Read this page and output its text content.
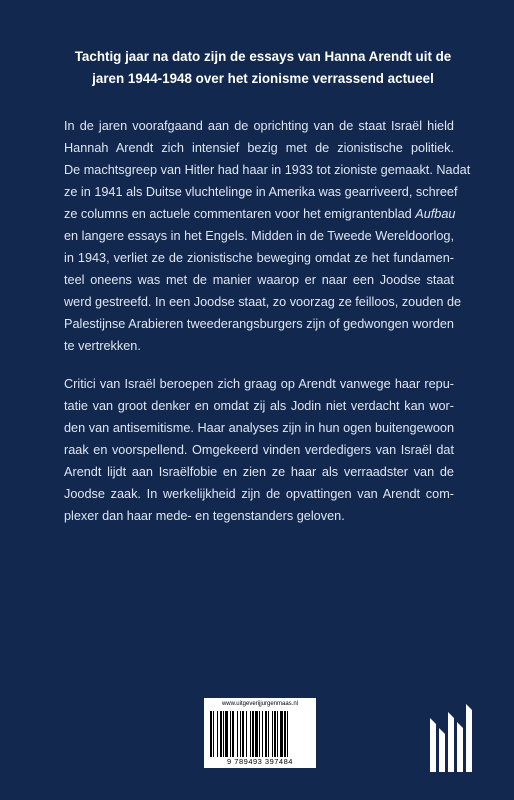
Tachtig jaar na dato zijn de essays van Hanna Arendt uit de
jaren 1944-1948 over het zionisme verrassend actueel

In de jaren voorafgaand aan de oprichting van de staat Israël hield
Hannah Arendt zich intensief bezig met de zionistische politiek.
De machtsgreep van Hitler had haar in 1933 tot zioniste gemaakt. Nadat
ze in 1941 als Duitse vluchtelinge in Amerika was gearriveerd, schreef
ze columns en actuele commentaren voor het emigrantenblad Aufbau
en langere essays in het Engels. Midden in de Tweede Wereldoorlog,
in 1943, verliet ze de zionistische beweging omdat ze het fundamen-
teel oneens was met de manier waarop er naar een Joodse staat
werd gestreefd. In een Joodse staat, zo voorzag ze feilloos, zouden de
Palestijnse Arabieren tweederangsburgers zijn of gedwongen worden
te vertrekken.

Critici van Israël beroepen zich graag op Arendt vanwege haar repu-
tatie van groot denker en omdat zij als Jodin niet verdacht kan wor-
den van antisemitisme. Haar analyses zijn in hun ogen buitengewoon
raak en voorspellend. Omgekeerd vinden verdedigers van Israël dat
Arendt lijdt aan Israëlfobie en zien ze haar als verraadster van de
Joodse zaak. In werkelijkheid zijn de opvattingen van Arendt com-
plexer dan haar mede- en tegenstanders geloven.

www.uitgeverijjurgenmaas.nl
9 789493 397484
